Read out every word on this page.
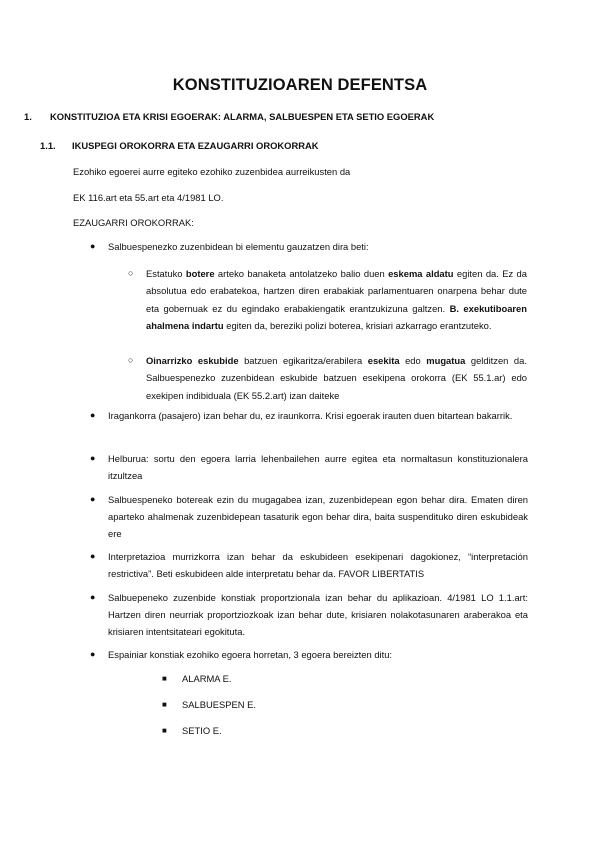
KONSTITUZIOAREN DEFENTSA
1. KONSTITUZIOA ETA KRISI EGOERAK: ALARMA, SALBUESPEN ETA SETIO EGOERAK
1.1. IKUSPEGI OROKORRA ETA EZAUGARRI OROKORRAK
Ezohiko egoerei aurre egiteko ezohiko zuzenbidea aurreikusten da
EK 116.art eta 55.art eta 4/1981 LO.
EZAUGARRI OROKORRAK:

● Salbuespenezko zuzenbidean bi elementu gauzatzen dira beti:

○ Estatuko botere arteko banaketa antolatzeko balio duen eskema aldatu egiten da. Ez da absolutua edo erabatekoa, hartzen diren erabakiak parlamentuaren onarpena behar dute eta gobernuak ez du egindako erabakiengatik erantzukizuna galtzen. B. exekutiboaren ahalmena indartu egiten da, bereziki polizi boterea, krisiari azkarrago erantzuteko.

○ Oinarrizko eskubide batzuen egikaritza/erabilera esekita edo mugatua gelditzen da. Salbuespenezko zuzenbidean eskubide batzuen esekipena orokorra (EK 55.1.ar) edo exekipen indibiduala (EK 55.2.art) izan daiteke

● Iragankorra (pasajero) izan behar du, ez iraunkorra. Krisi egoerak irauten duen bitartean bakarrik.

● Helburua: sortu den egoera larria lehenbailehen aurre egitea eta normaltasun konstituzionalera itzultzea

● Salbuespeneko botereak ezin du mugagabea izan, zuzenbidepean egon behar dira. Ematen diren aparteko ahalmenak zuzenbidepean tasaturik egon behar dira, baita suspendituko diren eskubideak ere

● Interpretazioa murrizkorra izan behar da eskubideen esekipenari dagokionez, “interpretación restrictiva”. Beti eskubideen alde interpretatu behar da. FAVOR LIBERTATIS

● Salbuepeneko zuzenbide konstiak proportzionala izan behar du aplikazioan. 4/1981 LO 1.1.art: Hartzen diren neurriak proportziozkoak izan behar dute, krisiaren nolakotasunaren araberakoa eta krisiaren intentsitateari egokituta.

● Espainiar konstiak ezohiko egoera horretan, 3 egoera bereizten ditu:

■ ALARMA E.
■ SALBUESPEN E.
■ SETIO E.
